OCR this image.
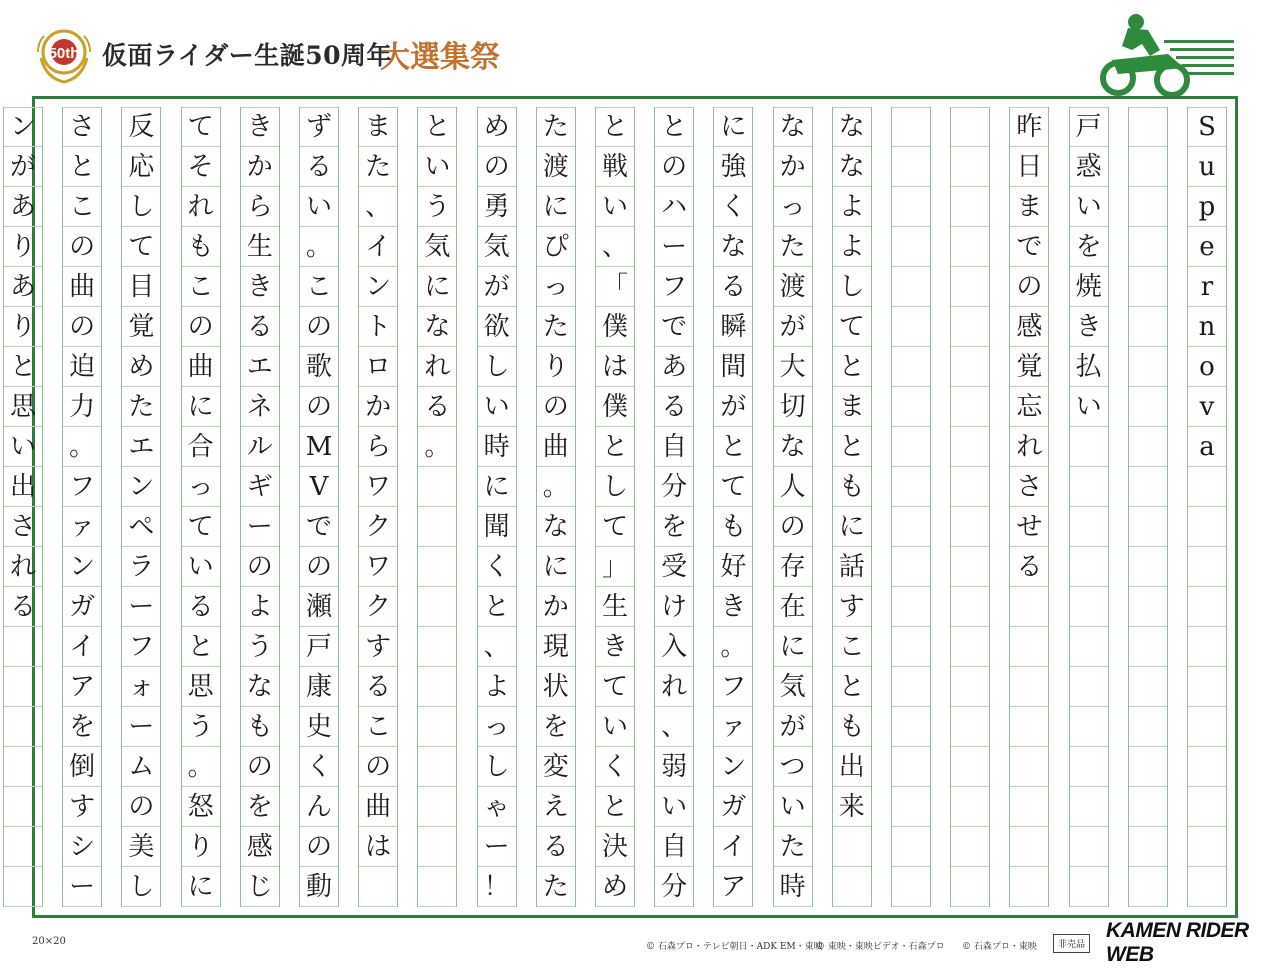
50th 仮面ライダー生誕50周年
大選集祭
S
u
p
e
r
n
o
v
a
戸
惑
い
を
焼
き
払
い
昨
日
ま
で
の
感
覚
忘
れ
さ
せ
る
な
な
よ
よ
し
て
と
ま
と
も
に
話
す
こ
と
も
出
来
な
か
っ
た
渡
が
大
切
な
人
の
存
在
に
気
が
つ
い
た
時
に
強
く
な
る
瞬
間
が
と
て
も
好
き
。
フ
ァ
ン
ガ
イ
ア
と
の
ハ
ー
フ
で
あ
る
自
分
を
受
け
入
れ
、
弱
い
自
分
と
戦
い
、
「
僕
は
僕
と
し
て
」
生
き
て
い
く
と
決
め
た
渡
に
ぴ
っ
た
り
の
曲
。
な
に
か
現
状
を
変
え
る
た
め
の
勇
気
が
欲
し
い
時
に
聞
く
と
、
よ
っ
し
ゃ
ー
！
と
い
う
気
に
な
れ
る
。
ま
た
、
イ
ン
ト
ロ
か
ら
ワ
ク
ワ
ク
す
る
こ
の
曲
は
ず
る
い
。
こ
の
歌
の
M
V
で
の
瀬
戸
康
史
く
ん
の
動
き
か
ら
生
き
る
エ
ネ
ル
ギ
ー
の
よ
う
な
も
の
を
感
じ
て
そ
れ
も
こ
の
曲
に
合
っ
て
い
る
と
思
う
。
怒
り
に
反
応
し
て
目
覚
め
た
エ
ン
ペ
ラ
ー
フ
ォ
ー
ム
の
美
し
さ
と
こ
の
曲
の
迫
力
。
フ
ァ
ン
ガ
イ
ア
を
倒
す
シ
ー
ン
が
あ
り
あ
り
と
思
い
出
さ
れ
る
20×20	© 石森プロ・テレビ朝日・ADK EM・東映
© 東映・東映ビデオ・石森プロ © 石森プロ・東映	非売品
KAMEN RIDER WEB
